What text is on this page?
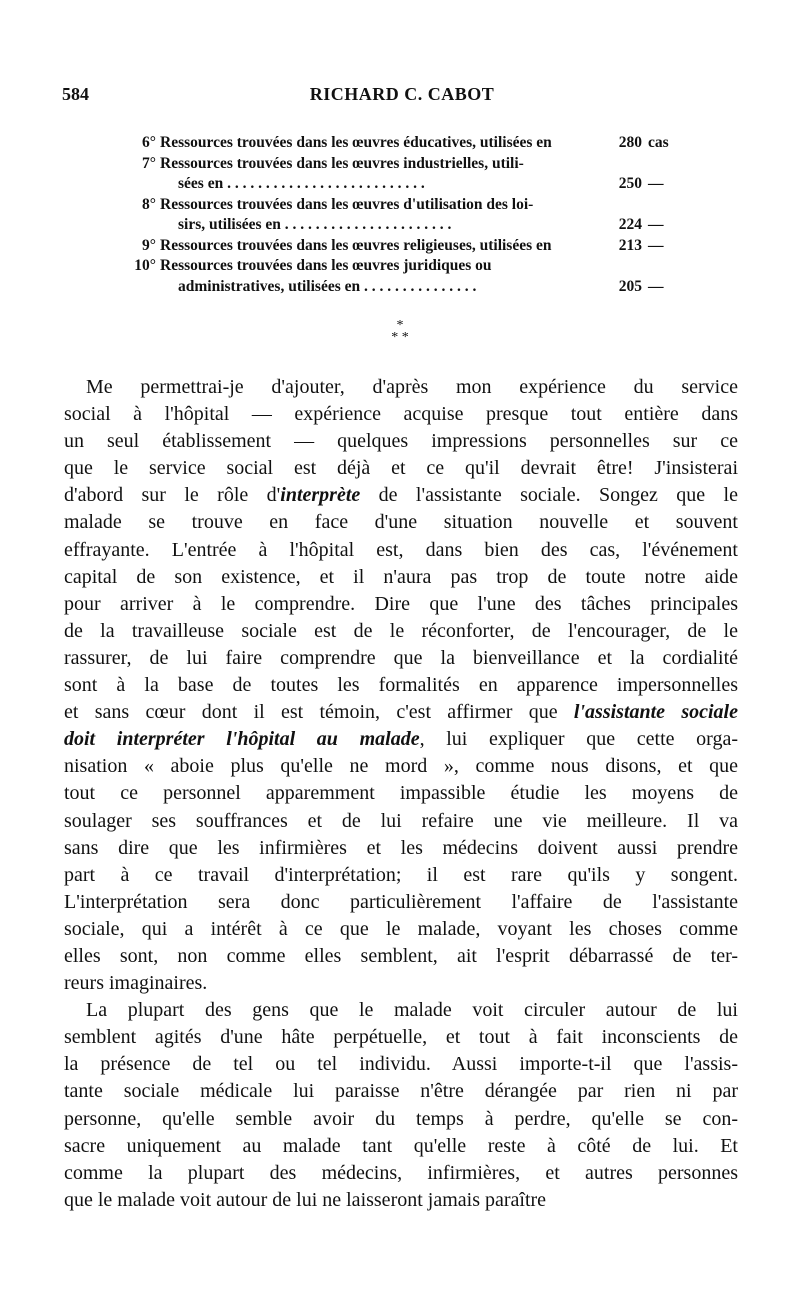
584	RICHARD C. CABOT
6° Ressources trouvées dans les œuvres éducatives, utilisées en	280 cas
7° Ressources trouvées dans les œuvres industrielles, utili-
sées en . . . . . . . . . . . . . . . . . . . . . . . . . .	250 —
8° Ressources trouvées dans les œuvres d'utilisation des loi-
sirs, utilisées en . . . . . . . . . . . . . . . . . . . . . .	224 —
9° Ressources trouvées dans les œuvres religieuses, utilisées en	213 —
10° Ressources trouvées dans les œuvres juridiques ou
administratives, utilisées en . . . . . . . . . . . . . . .	205 —
*
* *

Me permettrai-je d'ajouter, d'après mon expérience du service
social à l'hôpital — expérience acquise presque tout entière dans
un seul établissement — quelques impressions personnelles sur ce
que le service social est déjà et ce qu'il devrait être! J'insisterai
d'abord sur le rôle d'interprète de l'assistante sociale. Songez que le
malade se trouve en face d'une situation nouvelle et souvent
effrayante. L'entrée à l'hôpital est, dans bien des cas, l'événement
capital de son existence, et il n'aura pas trop de toute notre aide
pour arriver à le comprendre. Dire que l'une des tâches principales
de la travailleuse sociale est de le réconforter, de l'encourager, de le
rassurer, de lui faire comprendre que la bienveillance et la cordialité
sont à la base de toutes les formalités en apparence impersonnelles
et sans cœur dont il est témoin, c'est affirmer que l'assistante sociale
doit interpréter l'hôpital au malade, lui expliquer que cette orga-
nisation « aboie plus qu'elle ne mord », comme nous disons, et que
tout ce personnel apparemment impassible étudie les moyens de
soulager ses souffrances et de lui refaire une vie meilleure. Il va
sans dire que les infirmières et les médecins doivent aussi prendre
part à ce travail d'interprétation; il est rare qu'ils y songent.
L'interprétation sera donc particulièrement l'affaire de l'assistante
sociale, qui a intérêt à ce que le malade, voyant les choses comme
elles sont, non comme elles semblent, ait l'esprit débarrassé de ter-
reurs imaginaires.

La plupart des gens que le malade voit circuler autour de lui
semblent agités d'une hâte perpétuelle, et tout à fait inconscients de
la présence de tel ou tel individu. Aussi importe-t-il que l'assis-
tante sociale médicale lui paraisse n'être dérangée par rien ni par
personne, qu'elle semble avoir du temps à perdre, qu'elle se con-
sacre uniquement au malade tant qu'elle reste à côté de lui. Et
comme la plupart des médecins, infirmières, et autres personnes
que le malade voit autour de lui ne laisseront jamais paraître
